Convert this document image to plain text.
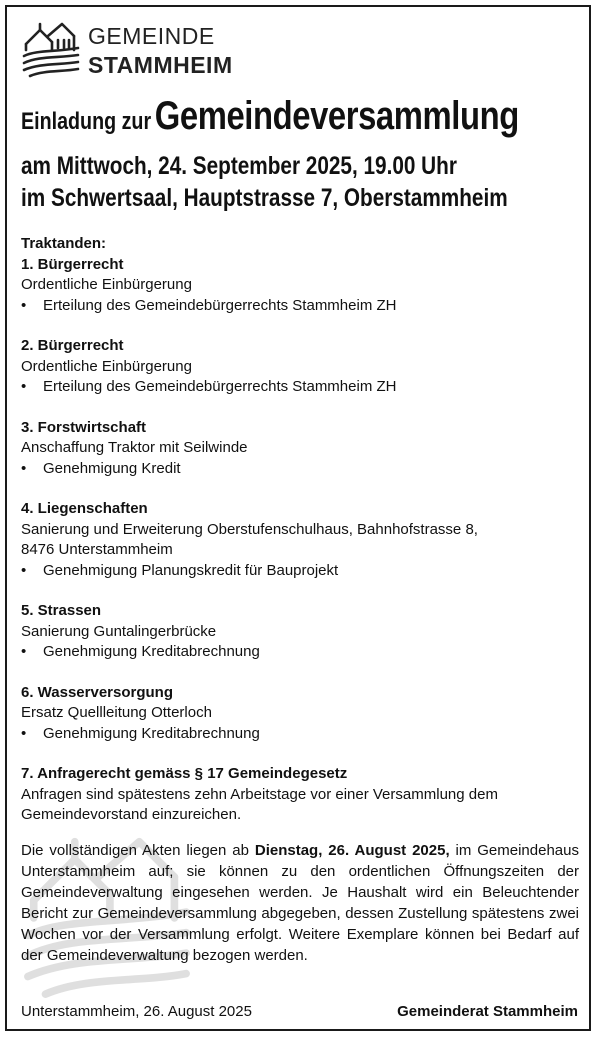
GEMEINDE
STAMMHEIM
Einladung zur Gemeindeversammlung
am Mittwoch, 24. September 2025, 19.00 Uhr
im Schwertsaal, Hauptstrasse 7, Oberstammheim

Traktanden:

1. Bürgerrecht

Ordentliche Einbürgerung

• Erteilung des Gemeindebürgerrechts Stammheim ZH

2. Bürgerrecht

Ordentliche Einbürgerung

• Erteilung des Gemeindebürgerrechts Stammheim ZH

3. Forstwirtschaft

Anschaffung Traktor mit Seilwinde

• Genehmigung Kredit

4. Liegenschaften

Sanierung und Erweiterung Oberstufenschulhaus, Bahnhofstrasse 8,

8476 Unterstammheim

• Genehmigung Planungskredit für Bauprojekt

5. Strassen

Sanierung Guntalingerbrücke

• Genehmigung Kreditabrechnung

6. Wasserversorgung

Ersatz Quellleitung Otterloch

• Genehmigung Kreditabrechnung

7. Anfragerecht gemäss § 17 Gemeindegesetz

Anfragen sind spätestens zehn Arbeitstage vor einer Versammlung dem

Gemeindevorstand einzureichen.

Die vollständigen Akten liegen ab Dienstag, 26. August 2025, im Gemeindehaus Unterstammheim auf; sie können zu den ordentlichen Öffnungszeiten der Gemeindeverwaltung eingesehen werden. Je Haushalt wird ein Beleuchtender Bericht zur Gemeindeversammlung abgegeben, dessen Zustellung spätestens zwei Wochen vor der Versammlung erfolgt. Weitere Exemplare können bei Bedarf auf der Gemeindeverwaltung bezogen werden.
Unterstammheim, 26. August 2025	Gemeinderat Stammheim
